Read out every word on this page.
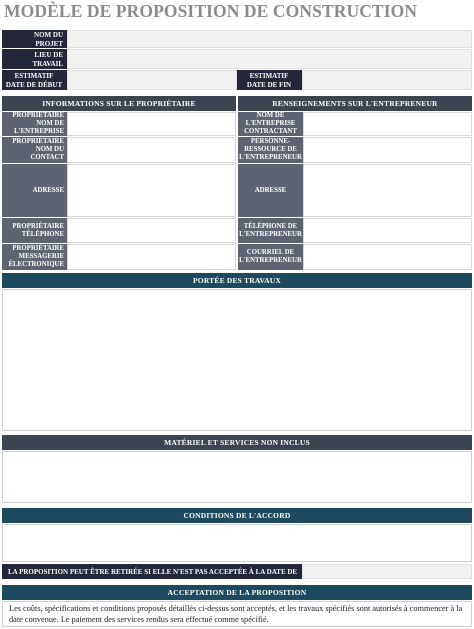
MODÈLE DE PROPOSITION DE CONSTRUCTION
NOM DU PROJET
LIEU DE TRAVAIL
ESTIMATIF DATE DE DÉBUT
ESTIMATIF DATE DE FIN
INFORMATIONS SUR LE PROPRIÉTAIRE	RENSEIGNEMENTS SUR L'ENTREPRENEUR
PROPRIÉTAIRE NOM DE L'ENTREPRISE
PROPRIÉTAIRE NOM DU CONTACT
ADRESSE
PROPRIÉTAIRE TÉLÉPHONE
PROPRIÉTAIRE MESSAGERIE ÉLECTRONIQUE
NOM DE L'ENTREPRISE CONTRACTANT
PERSONNE-RESSOURCE DE L'ENTREPRENEUR
ADRESSE
TÉLÉPHONE DE L'ENTREPRENEUR
COURRIEL DE L'ENTREPRENEUR
PORTÉE DES TRAVAUX
MATÉRIEL ET SERVICES NON INCLUS
CONDITIONS DE L'ACCORD
LA PROPOSITION PEUT ÊTRE RETIRÉE SI ELLE N'EST PAS ACCEPTÉE À LA DATE DE
ACCEPTATION DE LA PROPOSITION
Les coûts, spécifications et conditions proposés détaillés ci-dessus sont acceptés, et les travaux spécifiés sont autorisés à commencer à la date convenue. Le paiement des services rendus sera effectué comme spécifié.
